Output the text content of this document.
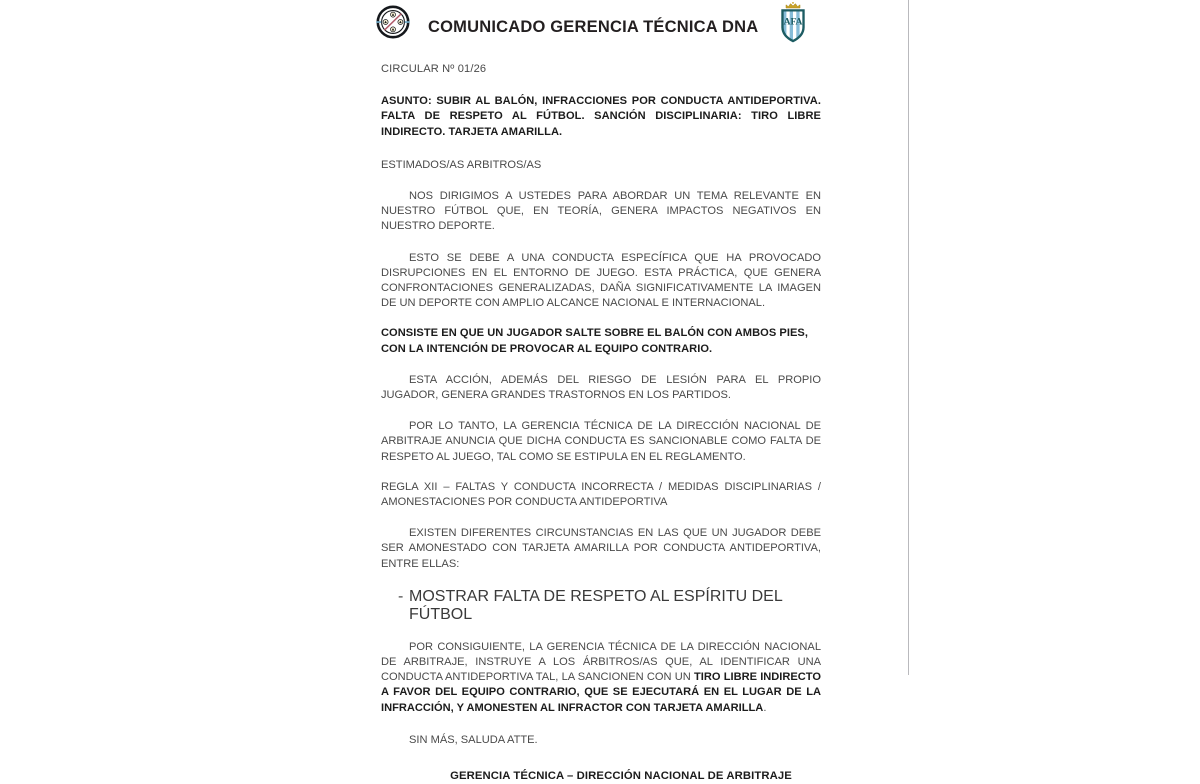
COMUNICADO GERENCIA TÉCNICA DNA	AFA

CIRCULAR Nº 01/26

ASUNTO: SUBIR AL BALÓN, INFRACCIONES POR CONDUCTA ANTIDEPORTIVA. FALTA DE RESPETO AL FÚTBOL. SANCIÓN DISCIPLINARIA: TIRO LIBRE INDIRECTO. TARJETA AMARILLA.

ESTIMADOS/AS ARBITROS/AS

NOS DIRIGIMOS A USTEDES PARA ABORDAR UN TEMA RELEVANTE EN NUESTRO FÚTBOL QUE, EN TEORÍA, GENERA IMPACTOS NEGATIVOS EN NUESTRO DEPORTE.

ESTO SE DEBE A UNA CONDUCTA ESPECÍFICA QUE HA PROVOCADO DISRUPCIONES EN EL ENTORNO DE JUEGO. ESTA PRÁCTICA, QUE GENERA CONFRONTACIONES GENERALIZADAS, DAÑA SIGNIFICATIVAMENTE LA IMAGEN DE UN DEPORTE CON AMPLIO ALCANCE NACIONAL E INTERNACIONAL.

CONSISTE EN QUE UN JUGADOR SALTE SOBRE EL BALÓN CON AMBOS PIES, CON LA INTENCIÓN DE PROVOCAR AL EQUIPO CONTRARIO.

ESTA ACCIÓN, ADEMÁS DEL RIESGO DE LESIÓN PARA EL PROPIO JUGADOR, GENERA GRANDES TRASTORNOS EN LOS PARTIDOS.

POR LO TANTO, LA GERENCIA TÉCNICA DE LA DIRECCIÓN NACIONAL DE ARBITRAJE ANUNCIA QUE DICHA CONDUCTA ES SANCIONABLE COMO FALTA DE RESPETO AL JUEGO, TAL COMO SE ESTIPULA EN EL REGLAMENTO.

REGLA XII – FALTAS Y CONDUCTA INCORRECTA / MEDIDAS DISCIPLINARIAS / AMONESTACIONES POR CONDUCTA ANTIDEPORTIVA

EXISTEN DIFERENTES CIRCUNSTANCIAS EN LAS QUE UN JUGADOR DEBE SER AMONESTADO CON TARJETA AMARILLA POR CONDUCTA ANTIDEPORTIVA, ENTRE ELLAS:

- MOSTRAR FALTA DE RESPETO AL ESPÍRITU DEL FÚTBOL

POR CONSIGUIENTE, LA GERENCIA TÉCNICA DE LA DIRECCIÓN NACIONAL DE ARBITRAJE, INSTRUYE A LOS ÁRBITROS/AS QUE, AL IDENTIFICAR UNA CONDUCTA ANTIDEPORTIVA TAL, LA SANCIONEN CON UN TIRO LIBRE INDIRECTO A FAVOR DEL EQUIPO CONTRARIO, QUE SE EJECUTARÁ EN EL LUGAR DE LA INFRACCIÓN, Y AMONESTEN AL INFRACTOR CON TARJETA AMARILLA.

SIN MÁS, SALUDA ATTE.

GERENCIA TÉCNICA – DIRECCIÓN NACIONAL DE ARBITRAJE
